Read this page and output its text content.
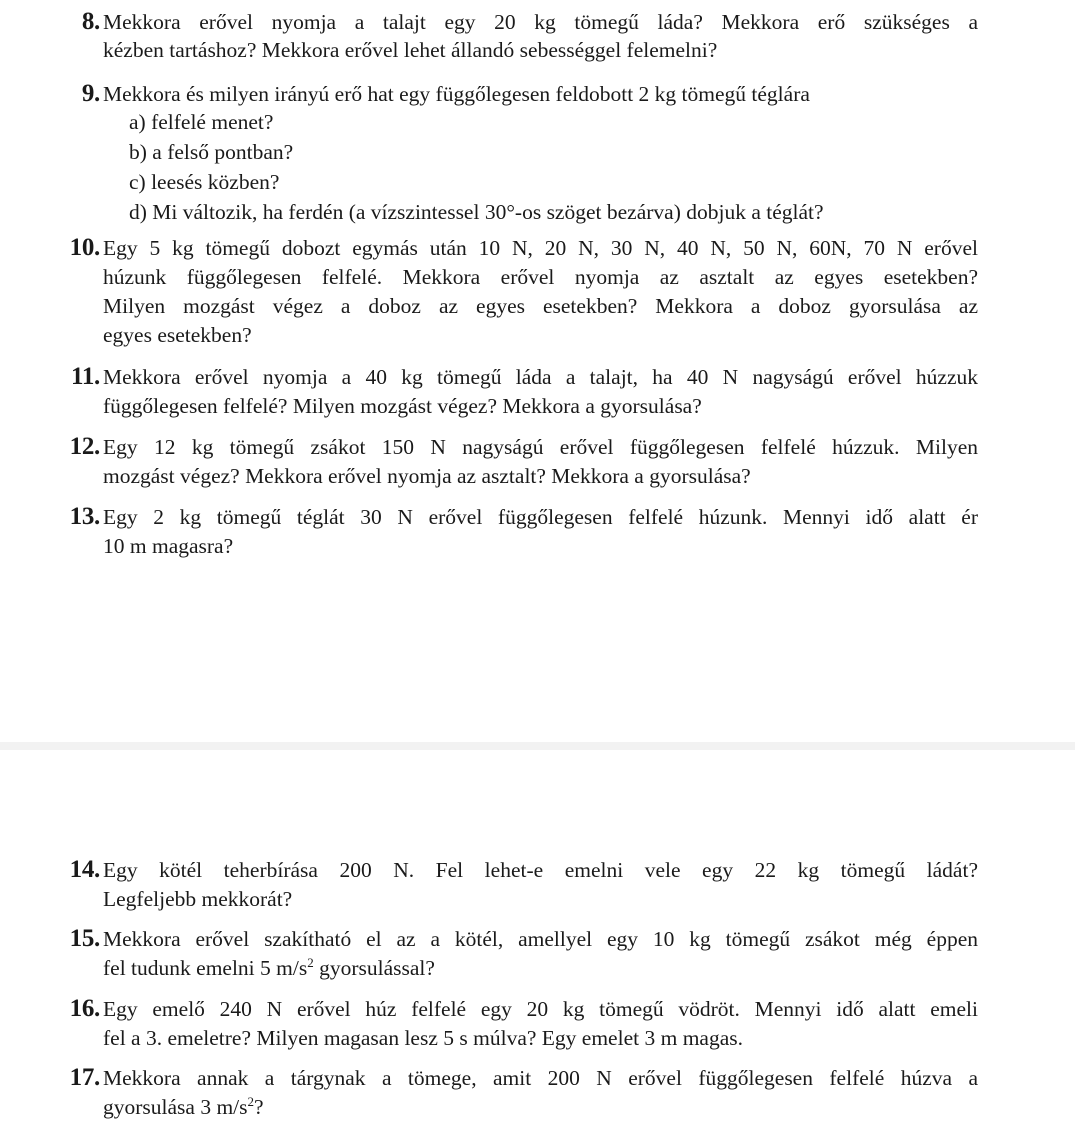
8. Mekkora erővel nyomja a talajt egy 20 kg tömegű láda? Mekkora erő szükséges a
kézben tartáshoz? Mekkora erővel lehet állandó sebességgel felemelni?
9. Mekkora és milyen irányú erő hat egy függőlegesen feldobott 2 kg tömegű téglára
a) felfelé menet?
b) a felső pontban?
c) leesés közben?
d) Mi változik, ha ferdén (a vízszintessel 30°-os szöget bezárva) dobjuk a téglát?
10. Egy 5 kg tömegű dobozt egymás után 10 N, 20 N, 30 N, 40 N, 50 N, 60N, 70 N erővel
húzunk függőlegesen felfelé. Mekkora erővel nyomja az asztalt az egyes esetekben?
Milyen mozgást végez a doboz az egyes esetekben? Mekkora a doboz gyorsulása az
egyes esetekben?
11. Mekkora erővel nyomja a 40 kg tömegű láda a talajt, ha 40 N nagyságú erővel húzzuk
függőlegesen felfelé? Milyen mozgást végez? Mekkora a gyorsulása?
12. Egy 12 kg tömegű zsákot 150 N nagyságú erővel függőlegesen felfelé húzzuk. Milyen
mozgást végez? Mekkora erővel nyomja az asztalt? Mekkora a gyorsulása?
13. Egy 2 kg tömegű téglát 30 N erővel függőlegesen felfelé húzunk. Mennyi idő alatt ér
10 m magasra?
14. Egy kötél teherbírása 200 N. Fel lehet-e emelni vele egy 22 kg tömegű ládát?
Legfeljebb mekkorát?
15. Mekkora erővel szakítható el az a kötél, amellyel egy 10 kg tömegű zsákot még éppen
fel tudunk emelni 5 $m/s^2$ gyorsulással?
16. Egy emelő 240 N erővel húz felfelé egy 20 kg tömegű vödröt. Mennyi idő alatt emeli
fel a 3. emeletre? Milyen magasan lesz 5 s múlva? Egy emelet 3 m magas.
17. Mekkora annak a tárgynak a tömege, amit 200 N erővel függőlegesen felfelé húzva a
gyorsulása 3 $m/s^2$?
